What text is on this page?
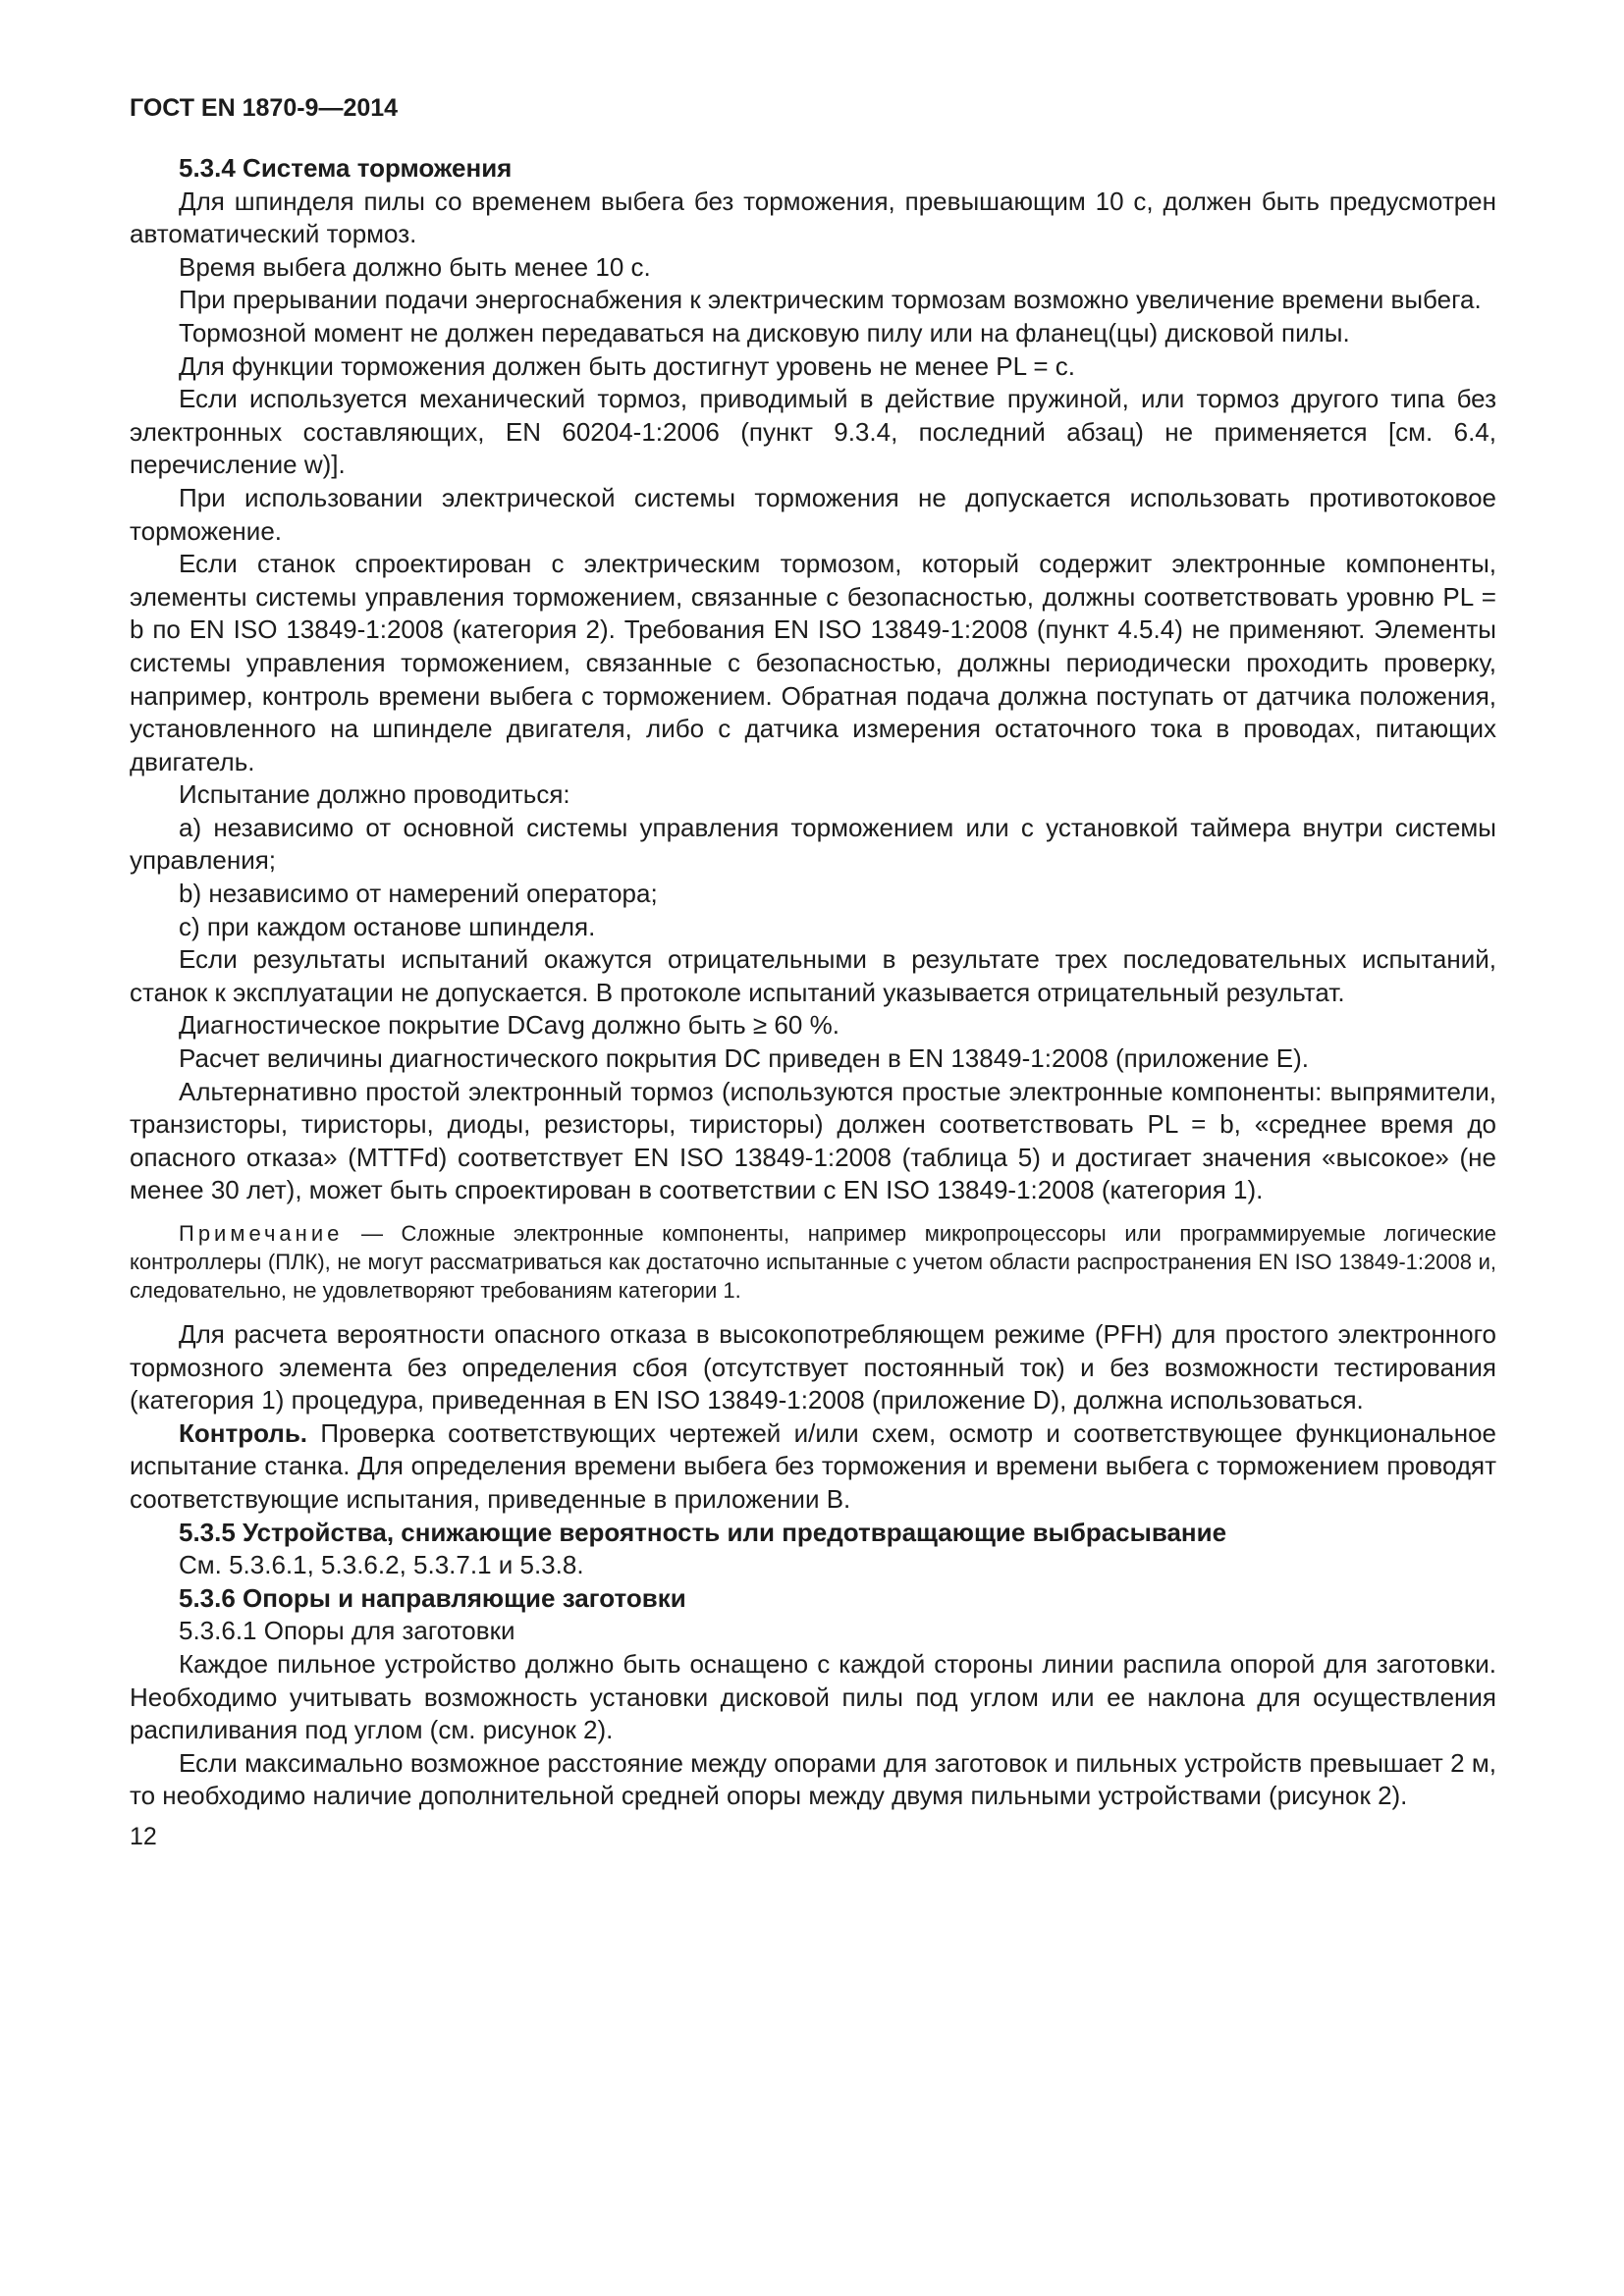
ГОСТ EN 1870-9—2014

5.3.4 Система торможения

Для шпинделя пилы со временем выбега без торможения, превышающим 10 с, должен быть предусмотрен автоматический тормоз.

Время выбега должно быть менее 10 с.

При прерывании подачи энергоснабжения к электрическим тормозам возможно увеличение времени выбега.

Тормозной момент не должен передаваться на дисковую пилу или на фланец(цы) дисковой пилы.

Для функции торможения должен быть достигнут уровень не менее PL = c.

Если используется механический тормоз, приводимый в действие пружиной, или тормоз другого типа без электронных составляющих, EN 60204-1:2006 (пункт 9.3.4, последний абзац) не применяется [см. 6.4, перечисление w)].

При использовании электрической системы торможения не допускается использовать противотоковое торможение.

Если станок спроектирован с электрическим тормозом, который содержит электронные компоненты, элементы системы управления торможением, связанные с безопасностью, должны соответствовать уровню PL = b по EN ISO 13849-1:2008 (категория 2). Требования EN ISO 13849-1:2008 (пункт 4.5.4) не применяют. Элементы системы управления торможением, связанные с безопасностью, должны периодически проходить проверку, например, контроль времени выбега с торможением. Обратная подача должна поступать от датчика положения, установленного на шпинделе двигателя, либо с датчика измерения остаточного тока в проводах, питающих двигатель.

Испытание должно проводиться:

a) независимо от основной системы управления торможением или с установкой таймера внутри системы управления;

b) независимо от намерений оператора;

c) при каждом останове шпинделя.

Если результаты испытаний окажутся отрицательными в результате трех последовательных испытаний, станок к эксплуатации не допускается. В протоколе испытаний указывается отрицательный результат.

Диагностическое покрытие DCavg должно быть ≥ 60 %.

Расчет величины диагностического покрытия DC приведен в EN 13849-1:2008 (приложение E).

Альтернативно простой электронный тормоз (используются простые электронные компоненты: выпрямители, транзисторы, тиристоры, диоды, резисторы, тиристоры) должен соответствовать PL = b, «среднее время до опасного отказа» (MTTFd) соответствует EN ISO 13849-1:2008 (таблица 5) и достигает значения «высокое» (не менее 30 лет), может быть спроектирован в соответствии с EN ISO 13849-1:2008 (категория 1).

Примечание — Сложные электронные компоненты, например микропроцессоры или программируемые логические контроллеры (ПЛК), не могут рассматриваться как достаточно испытанные с учетом области распространения EN ISO 13849-1:2008 и, следовательно, не удовлетворяют требованиям категории 1.

Для расчета вероятности опасного отказа в высокопотребляющем режиме (PFH) для простого электронного тормозного элемента без определения сбоя (отсутствует постоянный ток) и без возможности тестирования (категория 1) процедура, приведенная в EN ISO 13849-1:2008 (приложение D), должна использоваться.

Контроль. Проверка соответствующих чертежей и/или схем, осмотр и соответствующее функциональное испытание станка. Для определения времени выбега без торможения и времени выбега с торможением проводят соответствующие испытания, приведенные в приложении B.

5.3.5 Устройства, снижающие вероятность или предотвращающие выбрасывание

См. 5.3.6.1, 5.3.6.2, 5.3.7.1 и 5.3.8.

5.3.6 Опоры и направляющие заготовки

5.3.6.1 Опоры для заготовки

Каждое пильное устройство должно быть оснащено с каждой стороны линии распила опорой для заготовки. Необходимо учитывать возможность установки дисковой пилы под углом или ее наклона для осуществления распиливания под углом (см. рисунок 2).

Если максимально возможное расстояние между опорами для заготовок и пильных устройств превышает 2 м, то необходимо наличие дополнительной средней опоры между двумя пильными устройствами (рисунок 2).

12
